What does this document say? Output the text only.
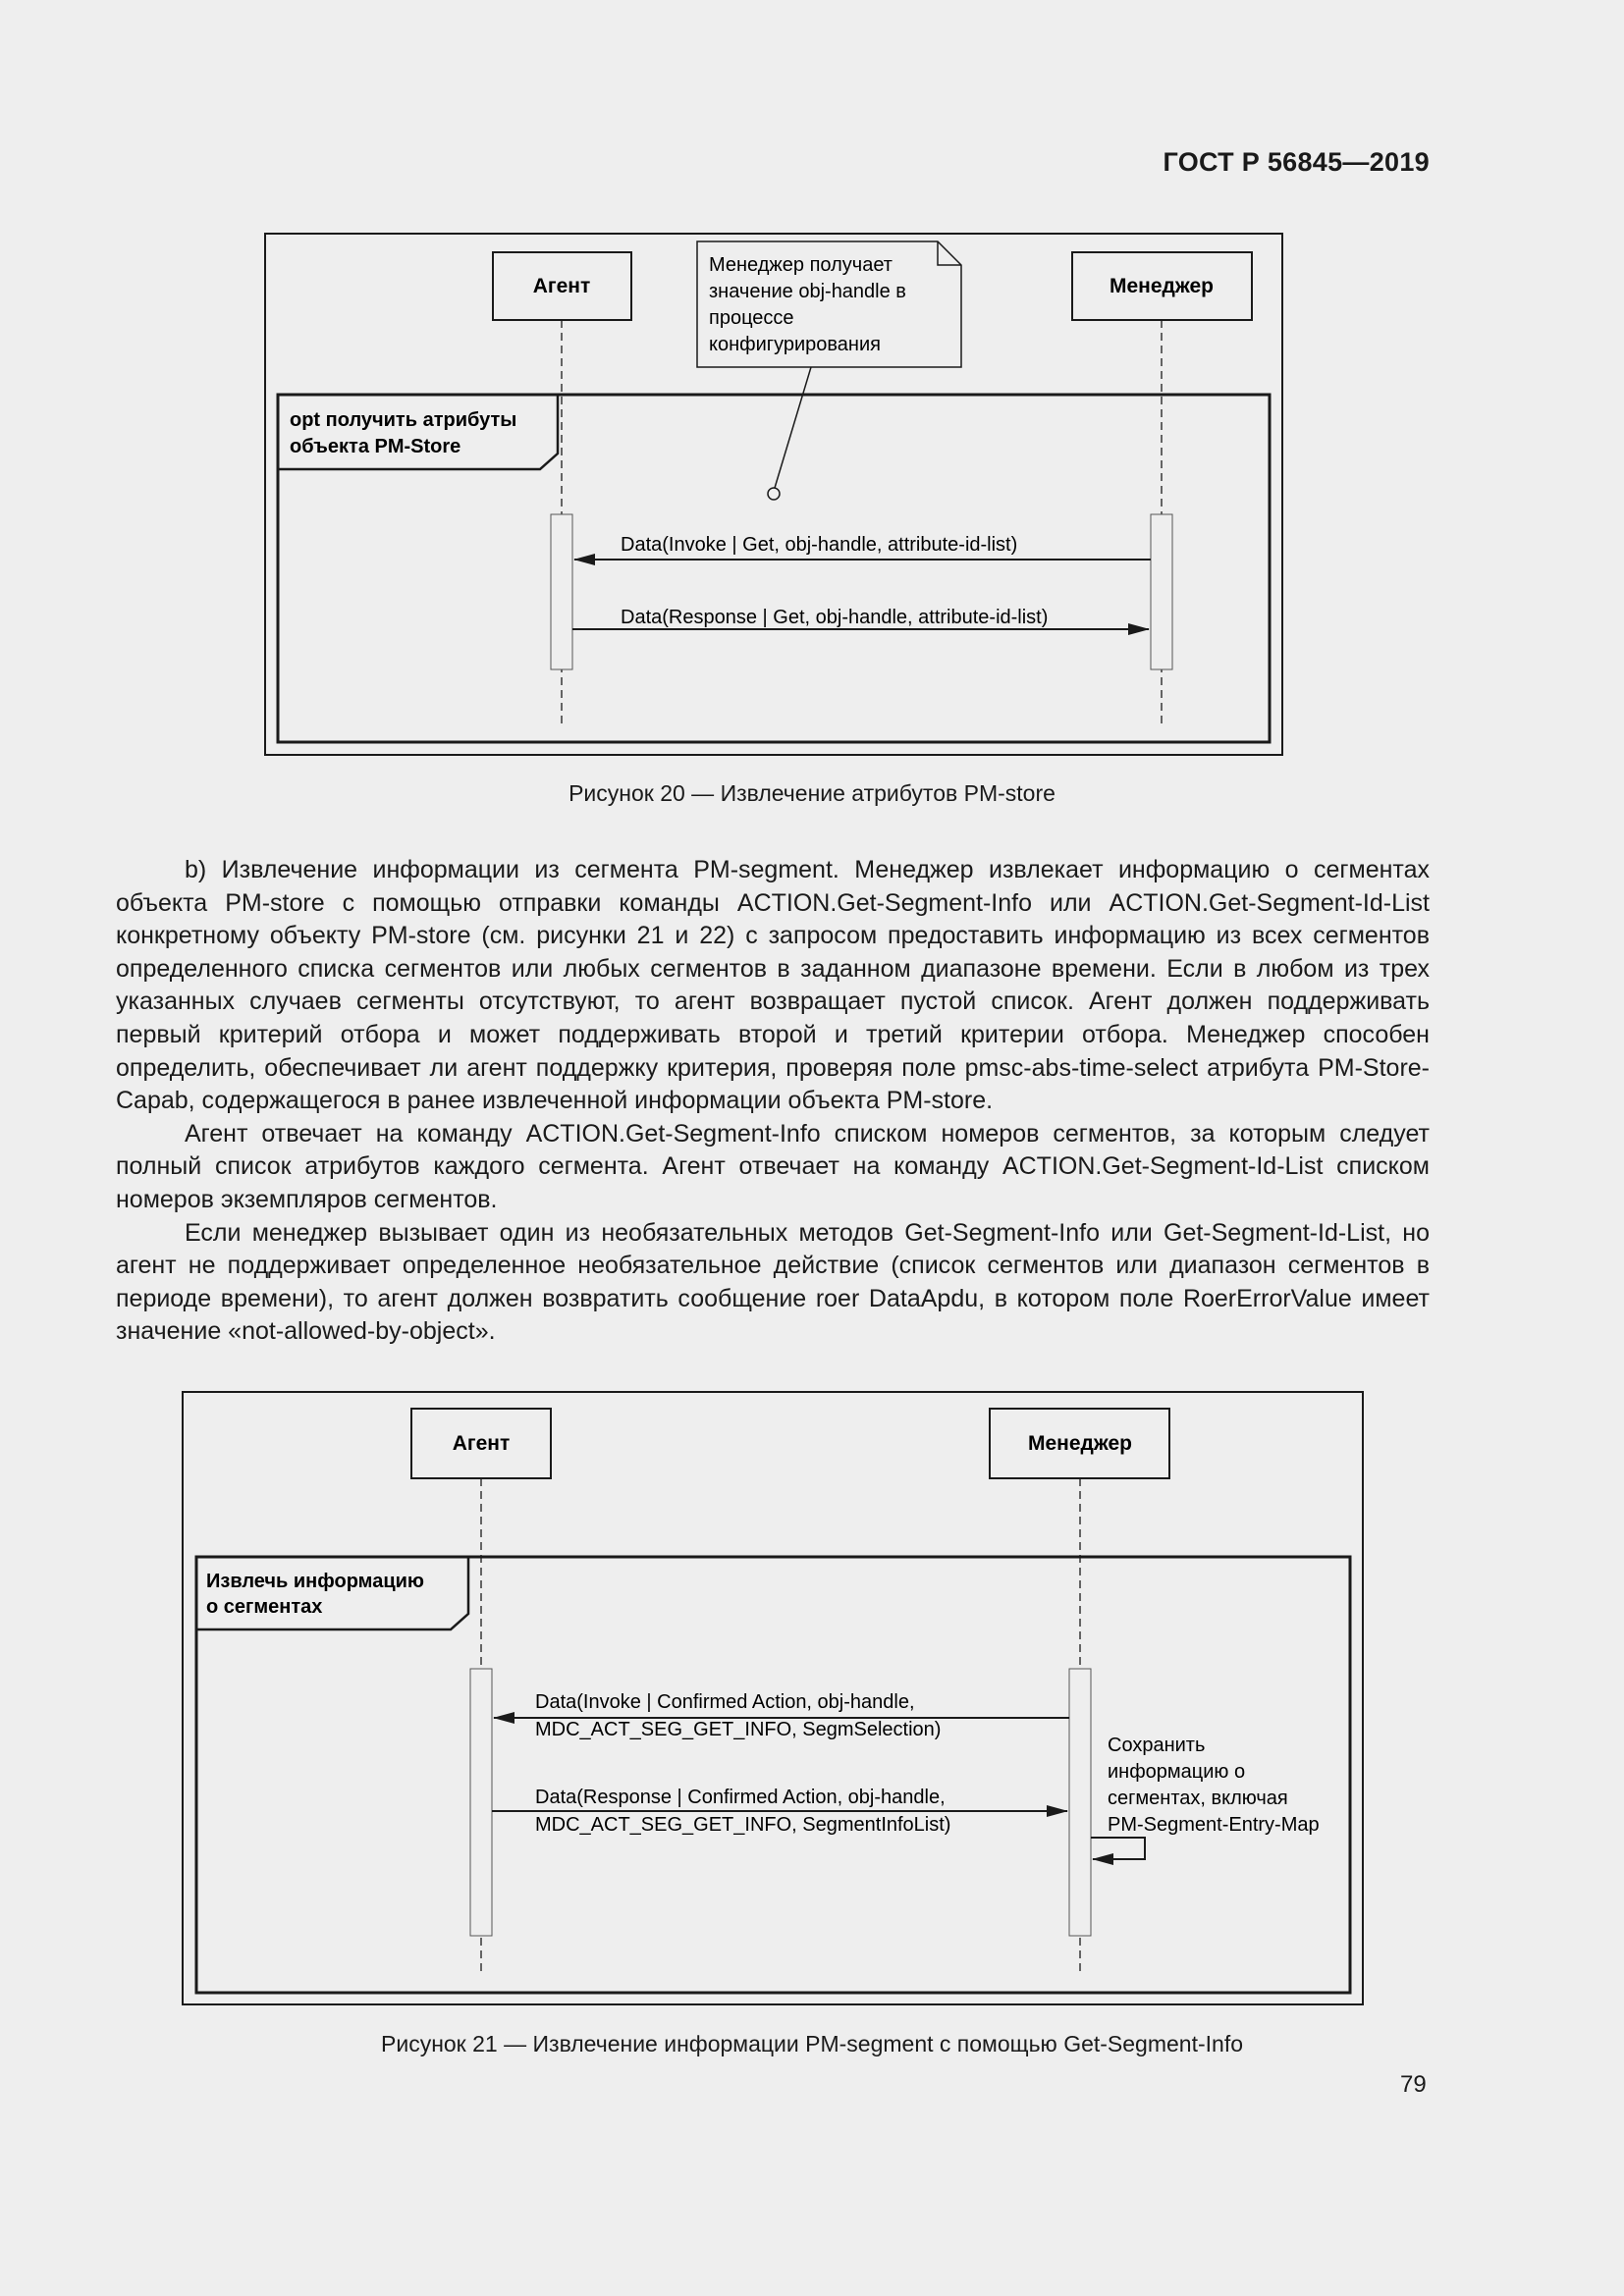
ГОСТ Р 56845—2019
Агент	Менеджер
Менеджер получает значение obj-handle в процессе конфигурирования
opt получить атрибуты объекта PM-Store
Data(Invoke | Get, obj-handle, attribute-id-list)
Data(Response | Get, obj-handle, attribute-id-list)
Рисунок 20 — Извлечение атрибутов PM-store

b) Извлечение информации из сегмента PM-segment. Менеджер извлекает информацию о сегментах объекта PM-store с помощью отправки команды ACTION.Get-Segment-Info или ACTION.Get-Segment-Id-List конкретному объекту PM-store (см. рисунки 21 и 22) с запросом предоставить информацию из всех сегментов определенного списка сегментов или любых сегментов в заданном диапазоне времени. Если в любом из трех указанных случаев сегменты отсутствуют, то агент возвращает пустой список. Агент должен поддерживать первый критерий отбора и может поддерживать второй и третий критерии отбора. Менеджер способен определить, обеспечивает ли агент поддержку критерия, проверяя поле pmsc-abs-time-select атрибута PM-Store-Capab, содержащегося в ранее извлеченной информации объекта PM-store.

Агент отвечает на команду ACTION.Get-Segment-Info списком номеров сегментов, за которым следует полный список атрибутов каждого сегмента. Агент отвечает на команду ACTION.Get-Segment-Id-List списком номеров экземпляров сегментов.

Если менеджер вызывает один из необязательных методов Get-Segment-Info или Get-Segment-Id-List, но агент не поддерживает определенное необязательное действие (список сегментов или диапазон сегментов в периоде времени), то агент должен возвратить сообщение roer DataApdu, в котором поле RoerErrorValue имеет значение «not-allowed-by-object».

Агент	Менеджер
Извлечь информацию о сегментах
Data(Invoke | Confirmed Action, obj-handle, MDC_ACT_SEG_GET_INFO, SegmSelection)
Data(Response | Confirmed Action, obj-handle, MDC_ACT_SEG_GET_INFO, SegmentInfoList)
Сохранить информацию о сегментах, включая PM-Segment-Entry-Map
Рисунок 21 — Извлечение информации PM-segment с помощью Get-Segment-Info
79
